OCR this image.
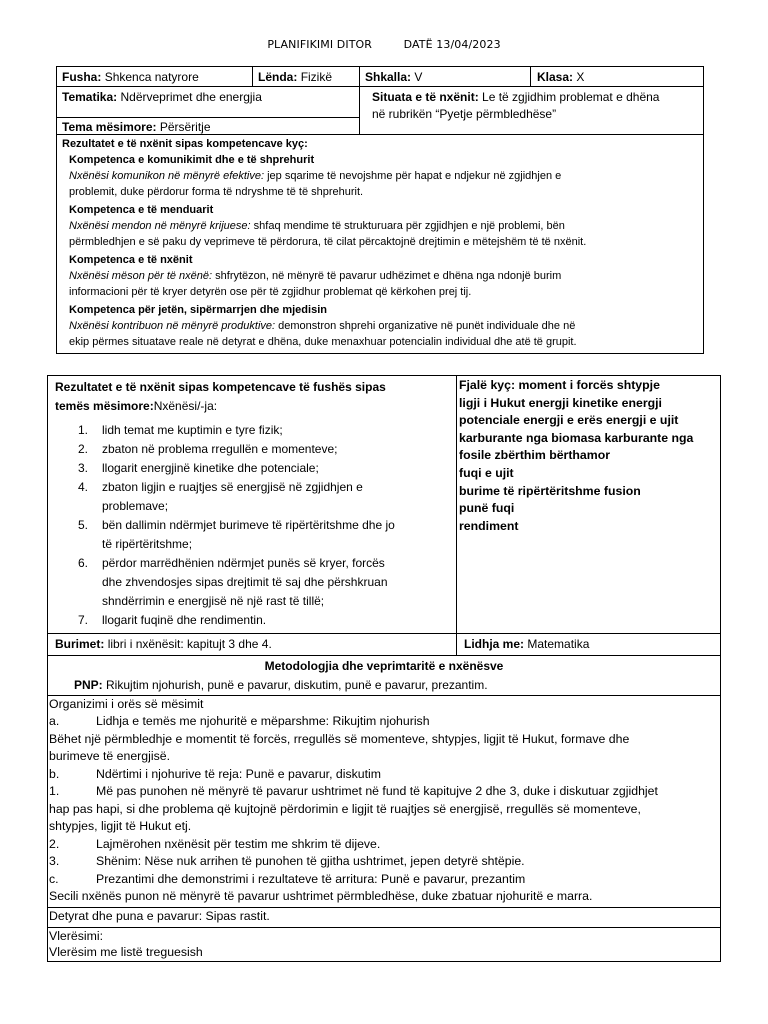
PLANIFIKIMI DITOR	DATË 13/04/2023
Fusha: Shkenca natyrore	Lënda: Fizikë	Shkalla: V	Klasa: X
Tematika: Ndërveprimet dhe energjia	Situata e të nxënit: Le të zgjidhim problemat e dhëna
në rubrikën “Pyetje përmbledhëse”
Tema mësimore: Përsëritje
Rezultatet e të nxënit sipas kompetencave kyç:
Kompetenca e komunikimit dhe e të shprehurit
Nxënësi komunikon në mënyrë efektive: jep sqarime të nevojshme për hapat e ndjekur në zgjidhjen e
problemit, duke përdorur forma të ndryshme të të shprehurit.
Kompetenca e të menduarit
Nxënësi mendon në mënyrë krijuese: shfaq mendime të strukturuara për zgjidhjen e një problemi, bën
përmbledhjen e së paku dy veprimeve të përdorura, të cilat përcaktojnë drejtimin e mëtejshëm të të nxënit.
Kompetenca e të nxënit
Nxënësi mëson për të nxënë: shfrytëzon, në mënyrë të pavarur udhëzimet e dhëna nga ndonjë burim
informacioni për të kryer detyrën ose për të zgjidhur problemat që kërkohen prej tij.
Kompetenca për jetën, sipërmarrjen dhe mjedisin
Nxënësi kontribuon në mënyrë produktive: demonstron shprehi organizative në punët individuale dhe në
ekip përmes situatave reale në detyrat e dhëna, duke menaxhuar potencialin individual dhe atë të grupit.
Rezultatet e të nxënit sipas kompetencave të fushës sipas
temës mësimore:Nxënësi/-ja:
1. lidh temat me kuptimin e tyre fizik;
2. zbaton në problema rregullën e momenteve;
3. llogarit energjinë kinetike dhe potenciale;
4. zbaton ligjin e ruajtjes së energjisë në zgjidhjen e
problemave;
5. bën dallimin ndërmjet burimeve të ripërtëritshme dhe jo
të ripërtëritshme;
6. përdor marrëdhënien ndërmjet punës së kryer, forcës
dhe zhvendosjes sipas drejtimit të saj dhe përshkruan
shndërrimin e energjisë në një rast të tillë;
7. llogarit fuqinë dhe rendimentin.
Fjalë kyç: moment i forcës shtypje
ligji i Hukut energji kinetike energji
potenciale energji e erës energji e ujit
karburante nga biomasa karburante nga
fosile zbërthim bërthamor
fuqi e ujit
burime të ripërtëritshme fusion
punë fuqi
rendiment
Burimet: libri i nxënësit: kapitujt 3 dhe 4.	Lidhja me: Matematika
Metodologjia dhe veprimtaritë e nxënësve
PNP: Rikujtim njohurish, punë e pavarur, diskutim, punë e pavarur, prezantim.
Organizimi i orës së mësimit
a.	Lidhja e temës me njohuritë e mëparshme: Rikujtim njohurish
Bëhet një përmbledhje e momentit të forcës, rregullës së momenteve, shtypjes, ligjit të Hukut, formave dhe
burimeve të energjisë.
b.	Ndërtimi i njohurive të reja: Punë e pavarur, diskutim
1.	Më pas punohen në mënyrë të pavarur ushtrimet në fund të kapitujve 2 dhe 3, duke i diskutuar zgjidhjet
hap pas hapi, si dhe problema që kujtojnë përdorimin e ligjit të ruajtjes së energjisë, rregullës së momenteve,
shtypjes, ligjit të Hukut etj.
2.	Lajmërohen nxënësit për testim me shkrim të dijeve.
3.	Shënim: Nëse nuk arrihen të punohen të gjitha ushtrimet, jepen detyrë shtëpie.
c.	Prezantimi dhe demonstrimi i rezultateve të arritura: Punë e pavarur, prezantim
Secili nxënës punon në mënyrë të pavarur ushtrimet përmbledhëse, duke zbatuar njohuritë e marra.
Detyrat dhe puna e pavarur: Sipas rastit.
Vlerësimi:
Vlerësim me listë treguesish
